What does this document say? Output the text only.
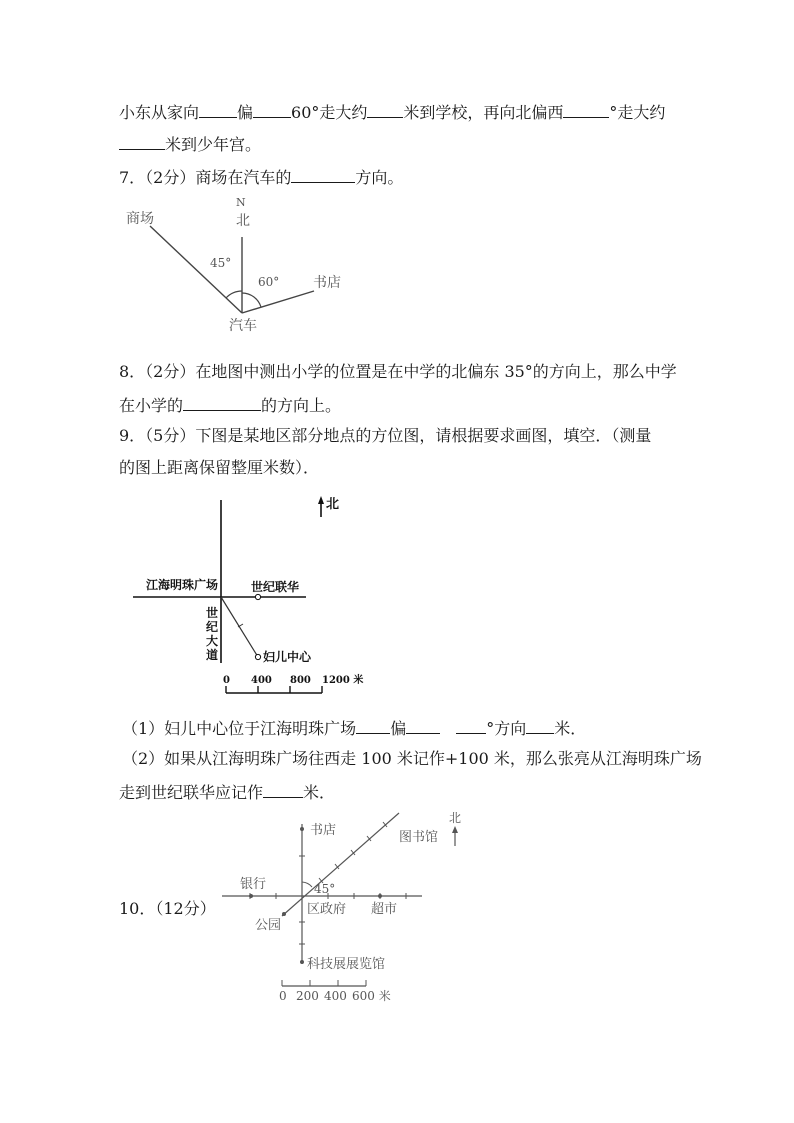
小东从家向 偏 60°走大约 米到学校，再向北偏西	°走大约
米到少年宫。
7．（2分）商场在汽车的	方向。
N
北
商场
45°
60° 书店
汽车
北
江海明珠广场	世纪联华
妇儿中心
世
纪
大
道
0 400 800 1200 米
北
书店	图书馆
银行	45°
区政府 超市
公园
科技展展览馆
0 200 400 600 米
8．（2分）在地图中测出小学的位置是在中学的北偏东 35°的方向上，那么中学
在小学的	的方向上。
9．（5分）下图是某地区部分地点的方位图，请根据要求画图，填空．（测量
的图上距离保留整厘米数）．
（1）妇儿中心位于江海明珠广场 偏	°方向 米．
（2）如果从江海明珠广场往西走 100 米记作+100 米，那么张亮从江海明珠广场
走到世纪联华应记作	米．
10．（12分）
